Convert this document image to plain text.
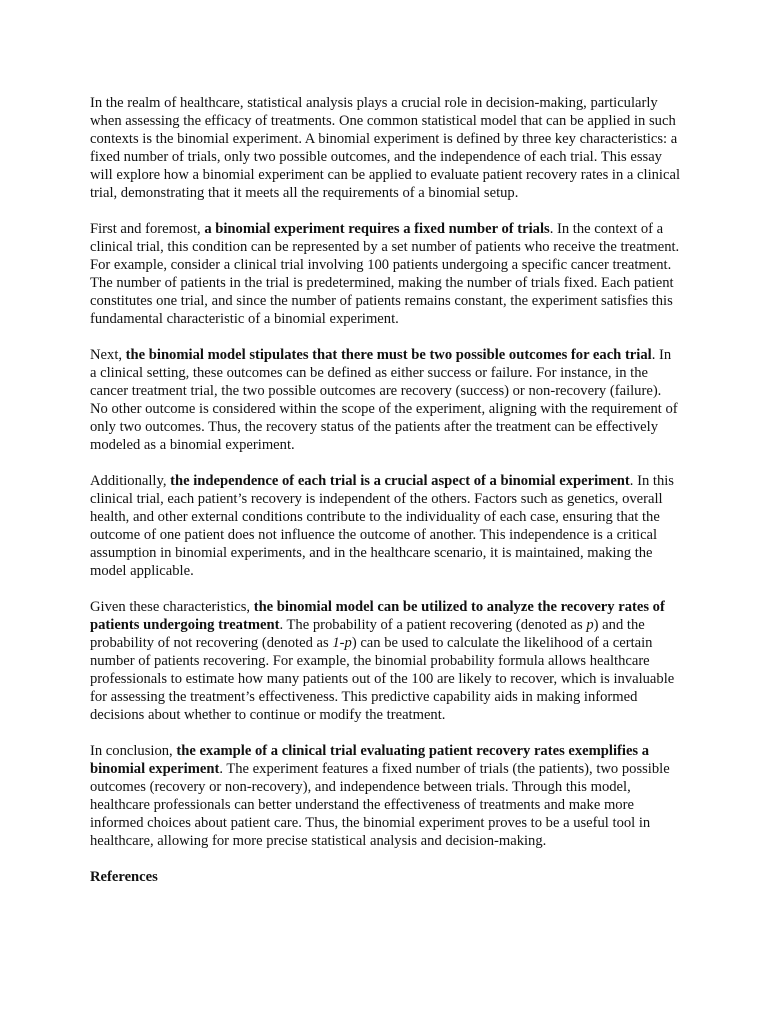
In the realm of healthcare, statistical analysis plays a crucial role in decision-making, particularly when assessing the efficacy of treatments. One common statistical model that can be applied in such contexts is the binomial experiment. A binomial experiment is defined by three key characteristics: a fixed number of trials, only two possible outcomes, and the independence of each trial. This essay will explore how a binomial experiment can be applied to evaluate patient recovery rates in a clinical trial, demonstrating that it meets all the requirements of a binomial setup.

First and foremost, a binomial experiment requires a fixed number of trials. In the context of a clinical trial, this condition can be represented by a set number of patients who receive the treatment. For example, consider a clinical trial involving 100 patients undergoing a specific cancer treatment. The number of patients in the trial is predetermined, making the number of trials fixed. Each patient constitutes one trial, and since the number of patients remains constant, the experiment satisfies this fundamental characteristic of a binomial experiment.

Next, the binomial model stipulates that there must be two possible outcomes for each trial. In a clinical setting, these outcomes can be defined as either success or failure. For instance, in the cancer treatment trial, the two possible outcomes are recovery (success) or non-recovery (failure). No other outcome is considered within the scope of the experiment, aligning with the requirement of only two outcomes. Thus, the recovery status of the patients after the treatment can be effectively modeled as a binomial experiment.

Additionally, the independence of each trial is a crucial aspect of a binomial experiment. In this clinical trial, each patient’s recovery is independent of the others. Factors such as genetics, overall health, and other external conditions contribute to the individuality of each case, ensuring that the outcome of one patient does not influence the outcome of another. This independence is a critical assumption in binomial experiments, and in the healthcare scenario, it is maintained, making the model applicable.

Given these characteristics, the binomial model can be utilized to analyze the recovery rates of patients undergoing treatment. The probability of a patient recovering (denoted as p) and the probability of not recovering (denoted as 1-p) can be used to calculate the likelihood of a certain number of patients recovering. For example, the binomial probability formula allows healthcare professionals to estimate how many patients out of the 100 are likely to recover, which is invaluable for assessing the treatment’s effectiveness. This predictive capability aids in making informed decisions about whether to continue or modify the treatment.

In conclusion, the example of a clinical trial evaluating patient recovery rates exemplifies a binomial experiment. The experiment features a fixed number of trials (the patients), two possible outcomes (recovery or non-recovery), and independence between trials. Through this model, healthcare professionals can better understand the effectiveness of treatments and make more informed choices about patient care. Thus, the binomial experiment proves to be a useful tool in healthcare, allowing for more precise statistical analysis and decision-making.

References
